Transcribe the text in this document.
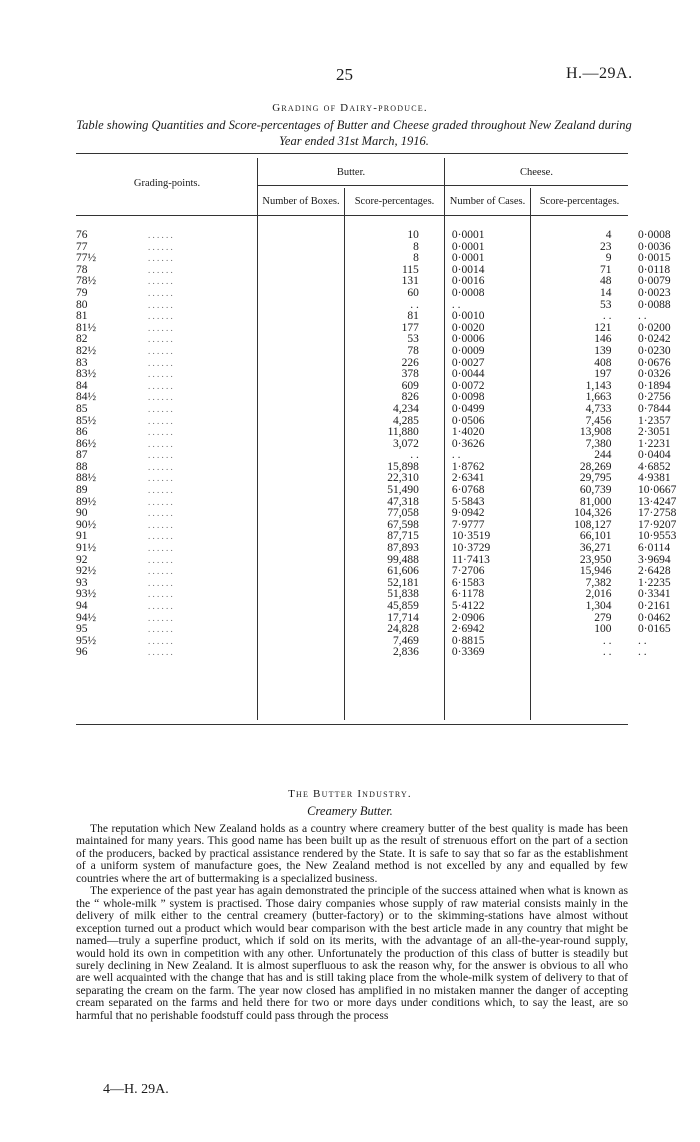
25	H.—29A.
Grading of Dairy-produce.
Table showing Quantities and Score-percentages of Butter and Cheese graded throughout New Zealand during Year ended 31st March, 1916.
Grading-points.
Butter.	Cheese.
Number of Boxes.	Score-percentages.	Number of Cases.	Score-percentages.
76 . . . . . .	10	0·0001	4	0·0008
77 . . . . . .	8	0·0001	23	0·0036
77½ . . . . . .	8	0·0001	9	0·0015
78 . . . . . .	115	0·0014	71	0·0118
78½ . . . . . .	131	0·0016	48	0·0079
79 . . . . . .	60	0·0008	14	0·0023
80 . . . . . .	. .	. .	53	0·0088
81 . . . . . .	81	0·0010	. .	. .
81½ . . . . . .	177	0·0020	121	0·0200
82 . . . . . .	53	0·0006	146	0·0242
82½ . . . . . .	78	0·0009	139	0·0230
83 . . . . . .	226	0·0027	408	0·0676
83½ . . . . . .	378	0·0044	197	0·0326
84 . . . . . .	609	0·0072	1,143	0·1894
84½ . . . . . .	826	0·0098	1,663	0·2756
85 . . . . . .	4,234	0·0499	4,733	0·7844
85½ . . . . . .	4,285	0·0506	7,456	1·2357
86 . . . . . .	11,880	1·4020	13,908	2·3051
86½ . . . . . .	3,072	0·3626	7,380	1·2231
87 . . . . . .	. .	. .	244	0·0404
88 . . . . . .	15,898	1·8762	28,269	4·6852
88½ . . . . . .	22,310	2·6341	29,795	4·9381
89 . . . . . .	51,490	6·0768	60,739	10·0667
89½ . . . . . .	47,318	5·5843	81,000	13·4247
90 . . . . . .	77,058	9·0942	104,326	17·2758
90½ . . . . . .	67,598	7·9777	108,127	17·9207
91 . . . . . .	87,715	10·3519	66,101	10·9553
91½ . . . . . .	87,893	10·3729	36,271	6·0114
92 . . . . . .	99,488	11·7413	23,950	3·9694
92½ . . . . . .	61,606	7·2706	15,946	2·6428
93 . . . . . .	52,181	6·1583	7,382	1·2235
93½ . . . . . .	51,838	6·1178	2,016	0·3341
94 . . . . . .	45,859	5·4122	1,304	0·2161
94½ . . . . . .	17,714	2·0906	279	0·0462
95 . . . . . .	24,828	2·6942	100	0·0165
95½ . . . . . .	7,469	0·8815	. .	. .
96 . . . . . .	2,836	0·3369	. .	. .
The Butter Industry.
Creamery Butter.

The reputation which New Zealand holds as a country where creamery butter of the best quality is made has been maintained for many years. This good name has been built up as the result of strenuous effort on the part of a section of the producers, backed by practical assistance rendered by the State. It is safe to say that so far as the establishment of a uniform system of manufacture goes, the New Zealand method is not excelled by any and equalled by few countries where the art of buttermaking is a specialized business.

The experience of the past year has again demonstrated the principle of the success attained when what is known as the “ whole-milk ” system is practised. Those dairy companies whose supply of raw material consists mainly in the delivery of milk either to the central creamery (butter-factory) or to the skimming-stations have almost without exception turned out a product which would bear comparison with the best article made in any country that might be named—truly a superfine product, which if sold on its merits, with the advantage of an all-the-year-round supply, would hold its own in competition with any other. Unfortunately the production of this class of butter is steadily but surely declining in New Zealand. It is almost superfluous to ask the reason why, for the answer is obvious to all who are well acquainted with the change that has and is still taking place from the whole-milk system of delivery to that of separating the cream on the farm. The year now closed has amplified in no mistaken manner the danger of accepting cream separated on the farms and held there for two or more days under conditions which, to say the least, are so harmful that no perishable foodstuff could pass through the process

4—H. 29A.
